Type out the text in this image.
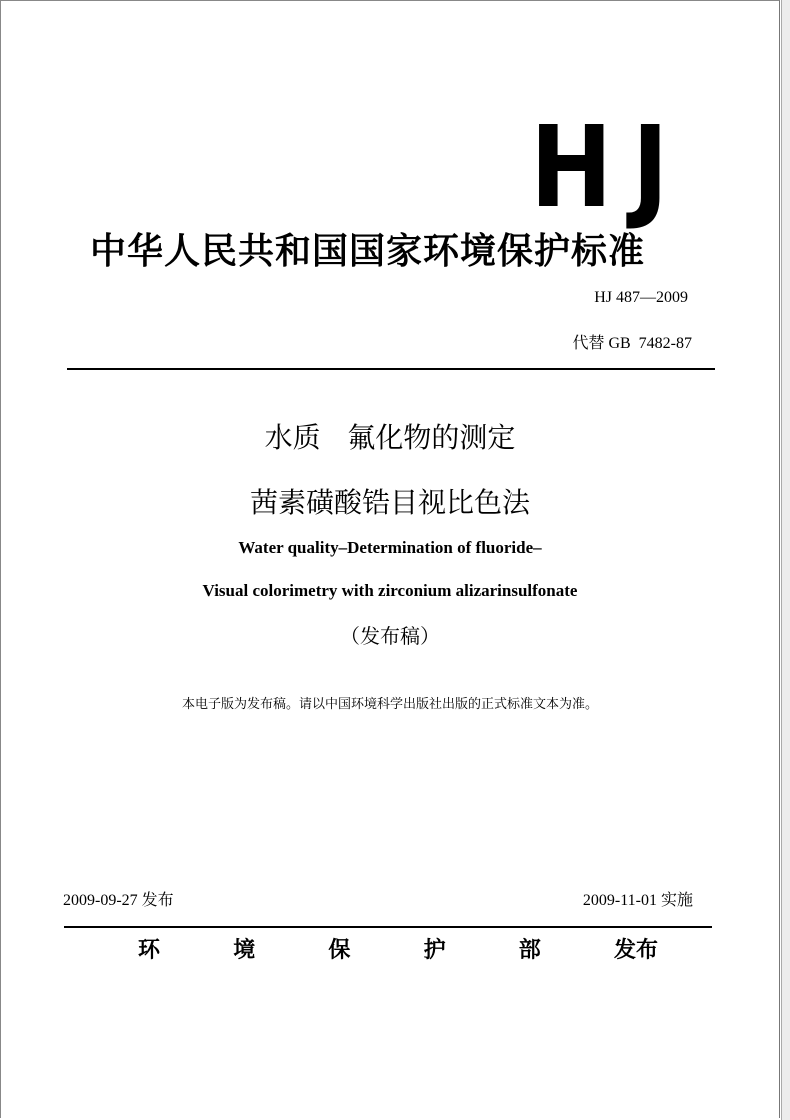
HJ
中华人民共和国国家环境保护标准
HJ 487—2009
代替 GB  7482-87
水质   氟化物的测定
茜素磺酸锆目视比色法
Water quality–Determination of fluoride–
Visual colorimetry with zirconium alizarinsulfonate
（发布稿）
本电子版为发布稿。请以中国环境科学出版社出版的正式标准文本为准。
2009-09-27 发布	2009-11-01 实施
环	境	保	护	部	发布
